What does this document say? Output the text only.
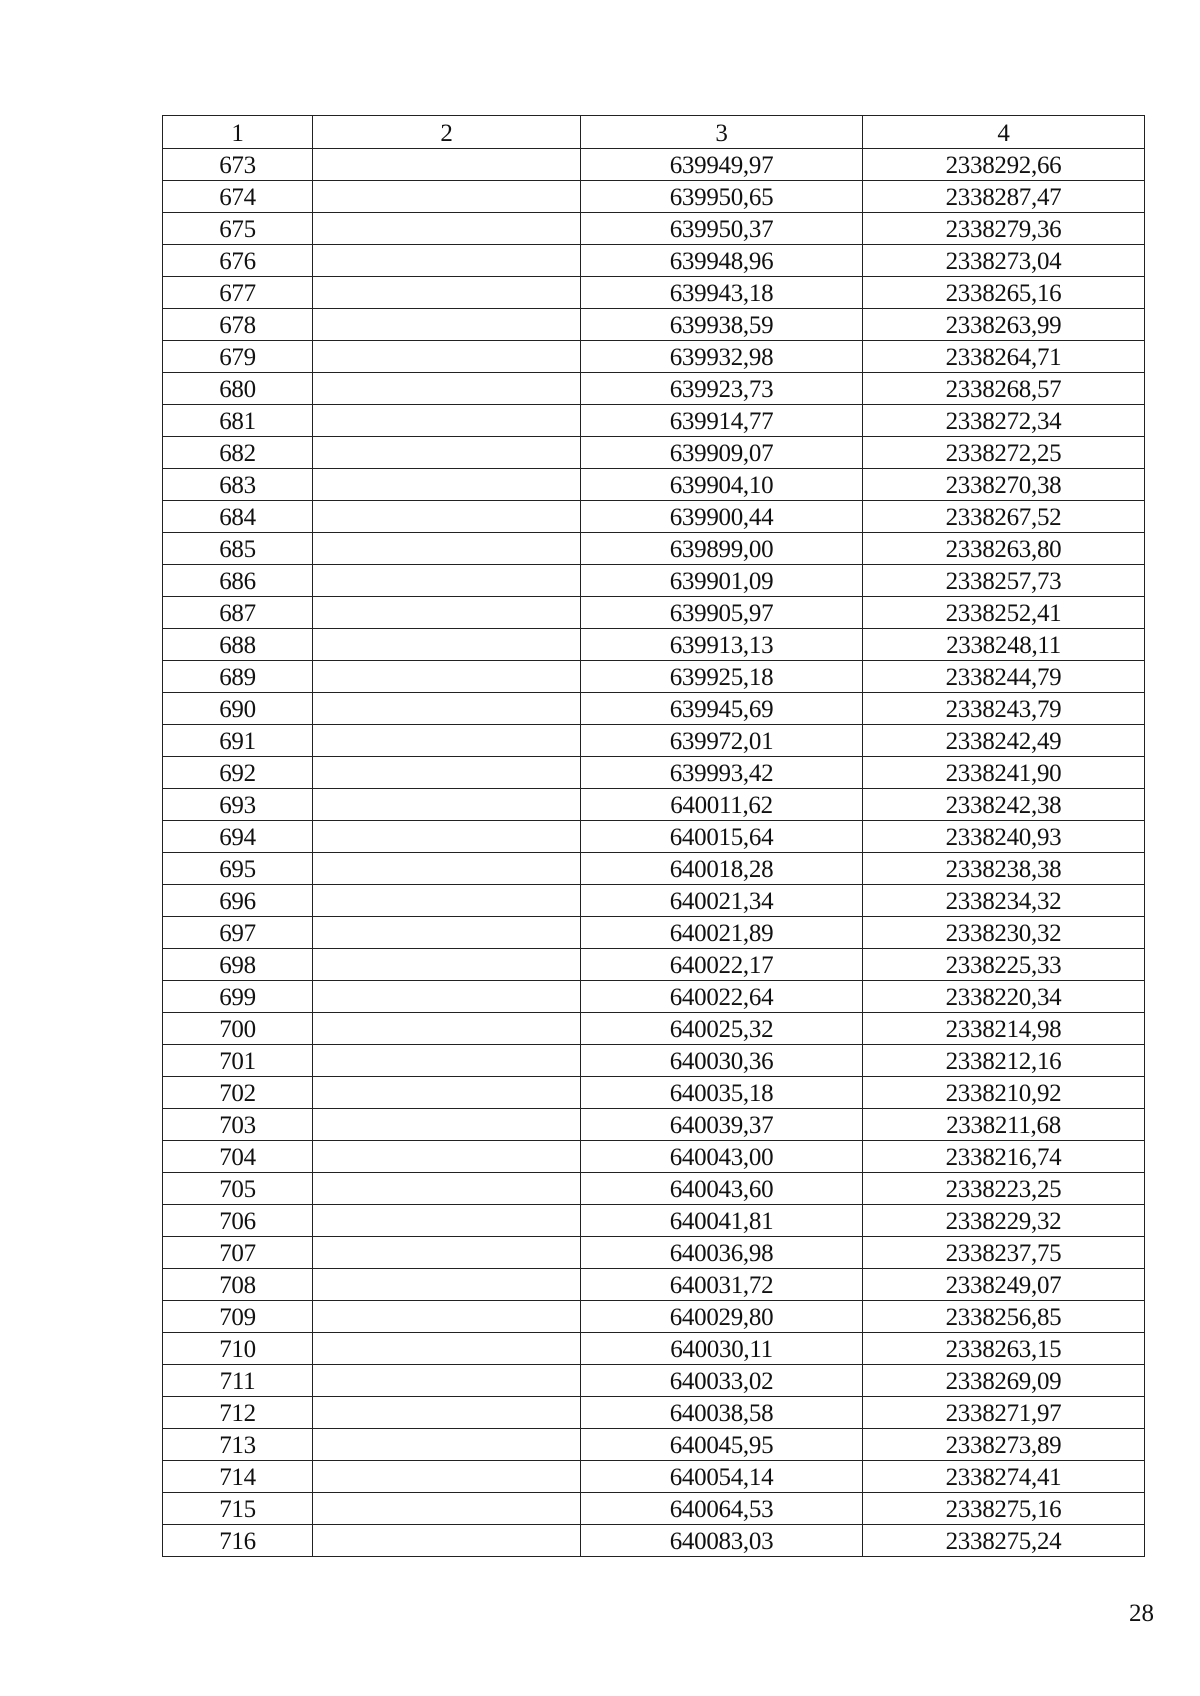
1	2	3	4
673		639949,97	2338292,66
674		639950,65	2338287,47
675		639950,37	2338279,36
676		639948,96	2338273,04
677		639943,18	2338265,16
678		639938,59	2338263,99
679		639932,98	2338264,71
680		639923,73	2338268,57
681		639914,77	2338272,34
682		639909,07	2338272,25
683		639904,10	2338270,38
684		639900,44	2338267,52
685		639899,00	2338263,80
686		639901,09	2338257,73
687		639905,97	2338252,41
688		639913,13	2338248,11
689		639925,18	2338244,79
690		639945,69	2338243,79
691		639972,01	2338242,49
692		639993,42	2338241,90
693		640011,62	2338242,38
694		640015,64	2338240,93
695		640018,28	2338238,38
696		640021,34	2338234,32
697		640021,89	2338230,32
698		640022,17	2338225,33
699		640022,64	2338220,34
700		640025,32	2338214,98
701		640030,36	2338212,16
702		640035,18	2338210,92
703		640039,37	2338211,68
704		640043,00	2338216,74
705		640043,60	2338223,25
706		640041,81	2338229,32
707		640036,98	2338237,75
708		640031,72	2338249,07
709		640029,80	2338256,85
710		640030,11	2338263,15
711		640033,02	2338269,09
712		640038,58	2338271,97
713		640045,95	2338273,89
714		640054,14	2338274,41
715		640064,53	2338275,16
716		640083,03	2338275,24
28
